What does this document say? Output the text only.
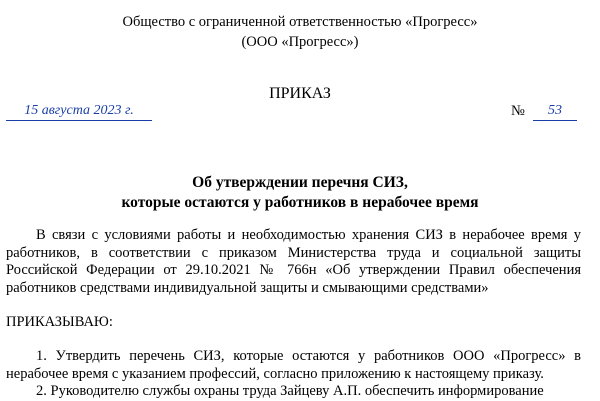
Общество с ограниченной ответственностью «Прогресс»
(ООО «Прогресс»)
ПРИКАЗ
15 августа 2023 г.	№	53
Об утверждении перечня СИЗ,
которые остаются у работников в нерабочее время

В связи с условиями работы и необходимостью хранения СИЗ в нерабочее время у работников, в соответствии с приказом Министерства труда и социальной защиты Российской Федерации от 29.10.2021 № 766н «Об утверждении Правил обеспечения работников средствами индивидуальной защиты и смывающими средствами»

ПРИКАЗЫВАЮ:

1. Утвердить перечень СИЗ, которые остаются у работников ООО «Прогресс» в нерабочее время с указанием профессий, согласно приложению к настоящему приказу.

2. Руководителю службы охраны труда Зайцеву А.П. обеспечить информирование
